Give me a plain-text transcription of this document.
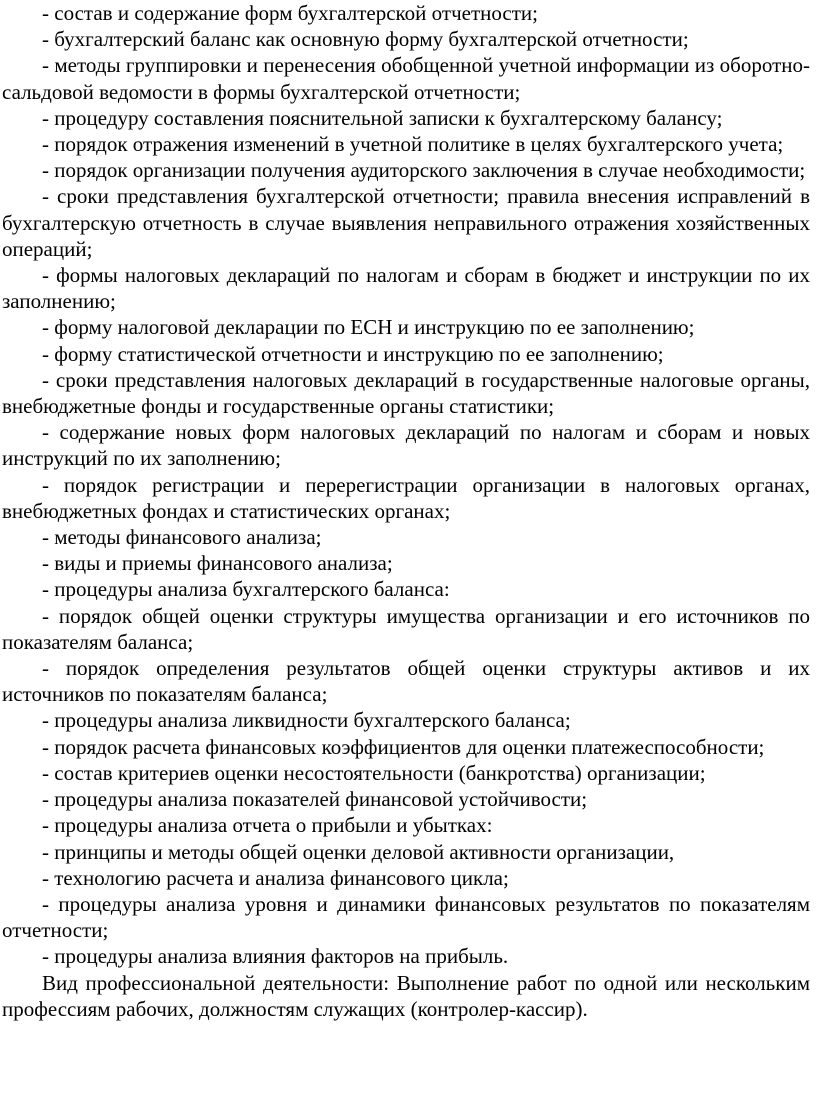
- состав и содержание форм бухгалтерской отчетности;

- бухгалтерский баланс как основную форму бухгалтерской отчетности;

- методы группировки и перенесения обобщенной учетной информации из оборотно-сальдовой ведомости в формы бухгалтерской отчетности;

- процедуру составления пояснительной записки к бухгалтерскому балансу;

- порядок отражения изменений в учетной политике в целях бухгалтерского учета;

- порядок организации получения аудиторского заключения в случае необходимости;

- сроки представления бухгалтерской отчетности; правила внесения исправлений в бухгалтерскую отчетность в случае выявления неправильного отражения хозяйственных операций;

- формы налоговых деклараций по налогам и сборам в бюджет и инструкции по их заполнению;

- форму налоговой декларации по ЕСН и инструкцию по ее заполнению;

- форму статистической отчетности и инструкцию по ее заполнению;

- сроки представления налоговых деклараций в государственные налоговые органы, внебюджетные фонды и государственные органы статистики;

- содержание новых форм налоговых деклараций по налогам и сборам и новых инструкций по их заполнению;

- порядок регистрации и перерегистрации организации в налоговых органах, внебюджетных фондах и статистических органах;

- методы финансового анализа;

- виды и приемы финансового анализа;

- процедуры анализа бухгалтерского баланса:

- порядок общей оценки структуры имущества организации и его источников по показателям баланса;

- порядок определения результатов общей оценки структуры активов и их источников по показателям баланса;

- процедуры анализа ликвидности бухгалтерского баланса;

- порядок расчета финансовых коэффициентов для оценки платежеспособности;

- состав критериев оценки несостоятельности (банкротства) организации;

- процедуры анализа показателей финансовой устойчивости;

- процедуры анализа отчета о прибыли и убытках:

- принципы и методы общей оценки деловой активности организации,

- технологию расчета и анализа финансового цикла;

- процедуры анализа уровня и динамики финансовых результатов по показателям отчетности;

- процедуры анализа влияния факторов на прибыль.

Вид профессиональной деятельности: Выполнение работ по одной или нескольким профессиям рабочих, должностям служащих (контролер-кассир).
